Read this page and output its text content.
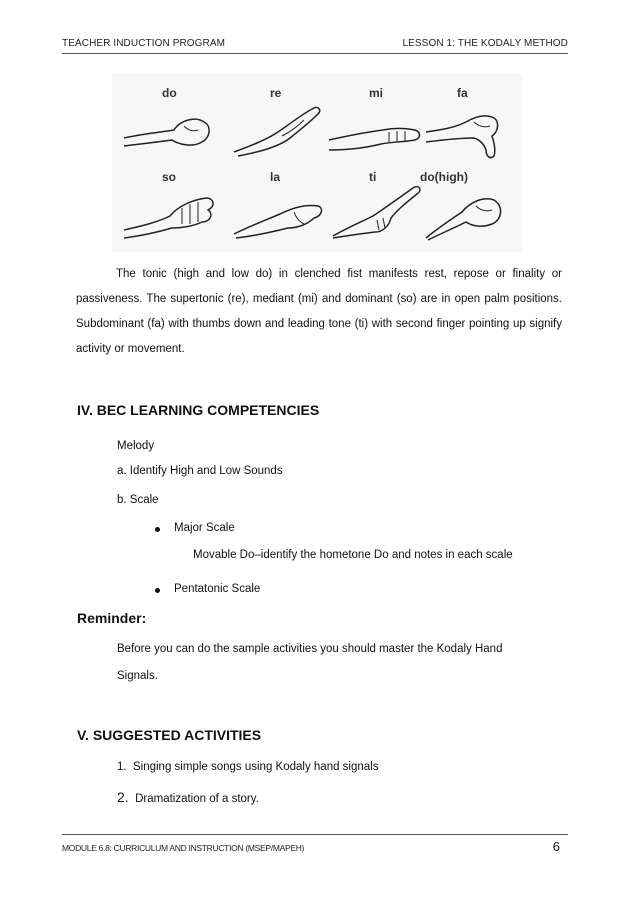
TEACHER INDUCTION PROGRAM	LESSON 1: THE KODALY METHOD
do	re	mi	fa
so	la	ti	do(high)
The tonic (high and low do) in clenched fist manifests rest, repose or finality or passiveness. The supertonic (re), mediant (mi) and dominant (so) are in open palm positions. Subdominant (fa) with thumbs down and leading tone (ti) with second finger pointing up signify activity or movement.
IV. BEC LEARNING COMPETENCIES
Melody
a. Identify High and Low Sounds
b. Scale
Major Scale
Movable Do–identify the hometone Do and notes in each scale
Pentatonic Scale
Reminder:
Before you can do the sample activities you should master the Kodaly Hand
Signals.
V. SUGGESTED ACTIVITIES
1. Singing simple songs using Kodaly hand signals
2. Dramatization of a story.
MODULE 6.8: CURRICULUM AND INSTRUCTION (MSEP/MAPEH)	6
